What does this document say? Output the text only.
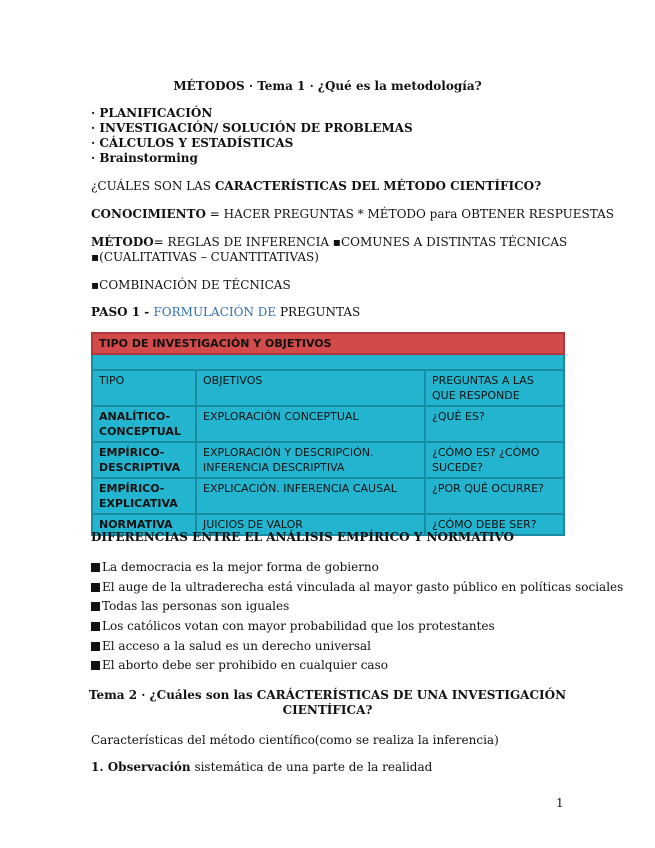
MÉTODOS · Tema 1 · ¿Qué es la metodología?
· PLANIFICACIÓN
· INVESTIGACIÓN/ SOLUCIÓN DE PROBLEMAS
· CÁLCULOS Y ESTADÍSTICAS
· Brainstorming
¿CUÁLES SON LAS CARACTERÍSTICAS DEL MÉTODO CIENTÍFICO?
CONOCIMIENTO = HACER PREGUNTAS * MÉTODO para OBTENER RESPUESTAS
MÉTODO= REGLAS DE INFERENCIA ▪COMUNES A DISTINTAS TÉCNICAS
▪(CUALITATIVAS – CUANTITATIVAS)
▪COMBINACIÓN DE TÉCNICAS
PASO 1 - FORMULACIÓN DE PREGUNTAS
TIPO DE INVESTIGACIÓN Y OBJETIVOS		

TIPO	OBJETIVOS	PREGUNTAS A LAS QUE RESPONDE
ANALÍTICO-CONCEPTUAL	EXPLORACIÓN CONCEPTUAL	¿QUÉ ES?
EMPÍRICO-DESCRIPTIVA	EXPLORACIÓN Y DESCRIPCIÓN. INFERENCIA DESCRIPTIVA	¿CÓMO ES? ¿CÓMO SUCEDE?
EMPÍRICO-EXPLICATIVA	EXPLICACIÓN. INFERENCIA CAUSAL	¿POR QUÉ OCURRE?
NORMATIVA	JUICIOS DE VALOR	¿CÓMO DEBE SER?
DIFERENCIAS ENTRE EL ANÁLISIS EMPÍRICO Y NORMATIVO
La democracia es la mejor forma de gobierno
El auge de la ultraderecha está vinculada al mayor gasto público en políticas sociales
Todas las personas son iguales
Los católicos votan con mayor probabilidad que los protestantes
El acceso a la salud es un derecho universal
El aborto debe ser prohibido en cualquier caso
Tema 2 · ¿Cuáles son las CARÁCTERÍSTICAS DE UNA INVESTIGACIÓN
CIENTÍFICA?
Características del método científico(como se realiza la inferencia)
1. Observación sistemática de una parte de la realidad
1
